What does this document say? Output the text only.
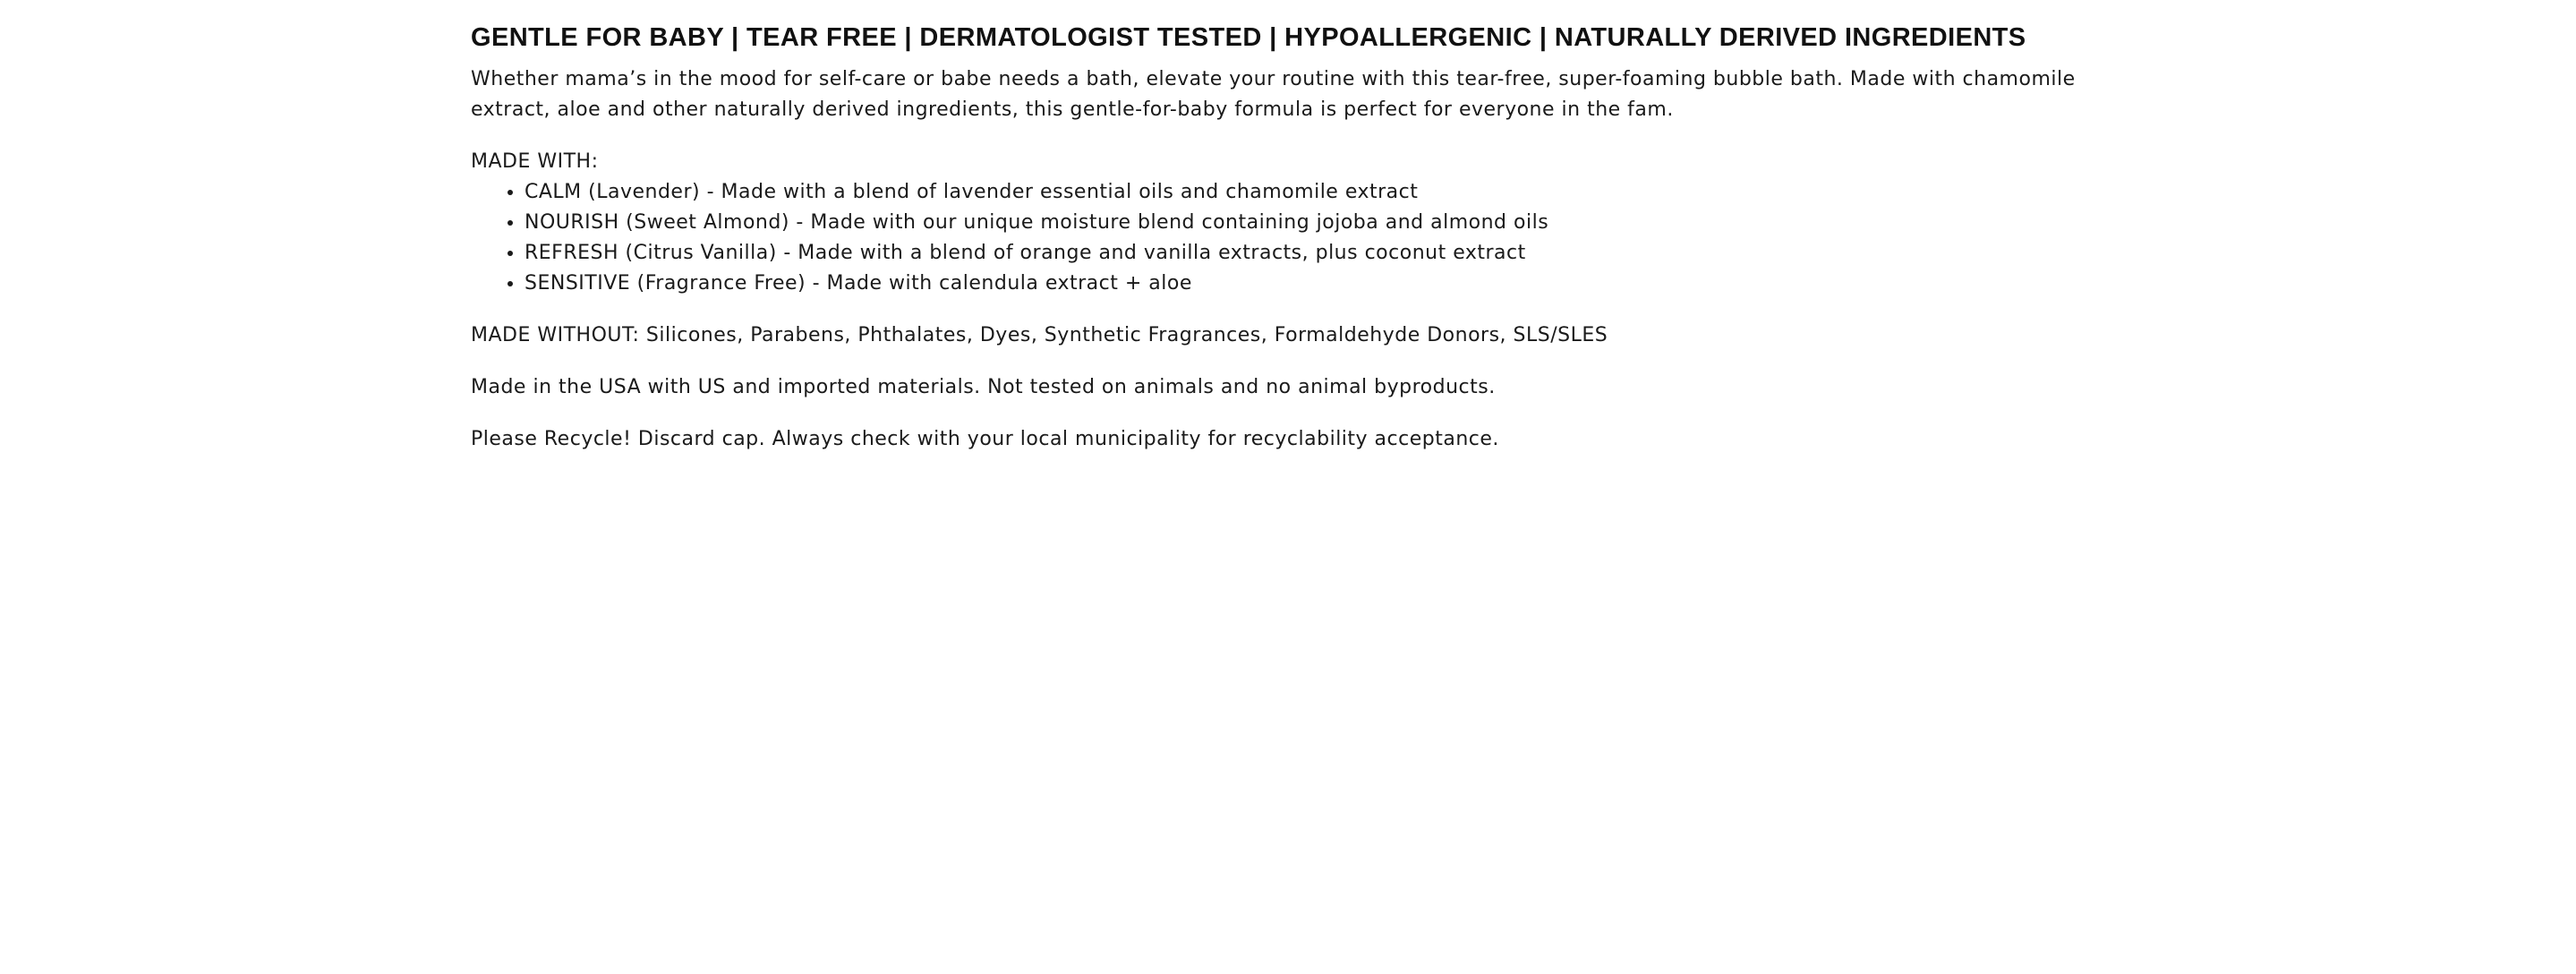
GENTLE FOR BABY | TEAR FREE | DERMATOLOGIST TESTED | HYPOALLERGENIC | NATURALLY DERIVED INGREDIENTS

Whether mama’s in the mood for self-care or babe needs a bath, elevate your routine with this tear-free, super-foaming bubble bath. Made with chamomile extract, aloe and other naturally derived ingredients, this gentle-for-baby formula is perfect for everyone in the fam.

MADE WITH:
• CALM (Lavender) - Made with a blend of lavender essential oils and chamomile extract
• NOURISH (Sweet Almond) - Made with our unique moisture blend containing jojoba and almond oils
• REFRESH (Citrus Vanilla) - Made with a blend of orange and vanilla extracts, plus coconut extract
• SENSITIVE (Fragrance Free) - Made with calendula extract + aloe

MADE WITHOUT: Silicones, Parabens, Phthalates, Dyes, Synthetic Fragrances, Formaldehyde Donors, SLS/SLES

Made in the USA with US and imported materials. Not tested on animals and no animal byproducts.

Please Recycle! Discard cap. Always check with your local municipality for recyclability acceptance.
